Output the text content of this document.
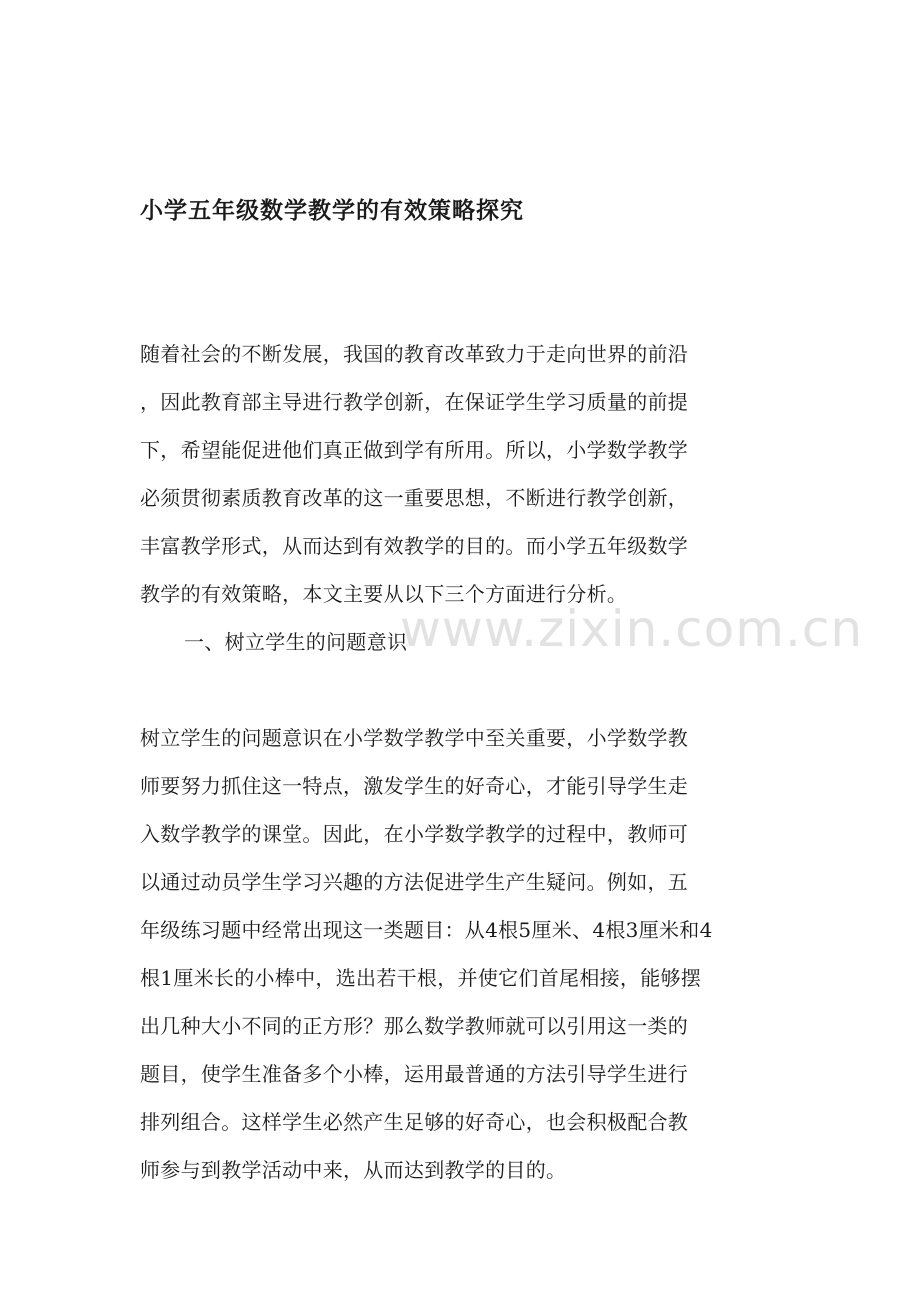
小学五年级数学教学的有效策略探究
随着社会的不断发展，我国的教育改革致力于走向世界的前沿
，因此教育部主导进行教学创新，在保证学生学习质量的前提
下，希望能促进他们真正做到学有所用。所以，小学数学教学
必须贯彻素质教育改革的这一重要思想，不断进行教学创新，
丰富教学形式，从而达到有效教学的目的。而小学五年级数学
教学的有效策略，本文主要从以下三个方面进行分析。
一、树立学生的问题意识
树立学生的问题意识在小学数学教学中至关重要，小学数学教
师要努力抓住这一特点，激发学生的好奇心，才能引导学生走
入数学教学的课堂。因此，在小学数学教学的过程中，教师可
以通过动员学生学习兴趣的方法促进学生产生疑问。例如，五
年级练习题中经常出现这一类题目：从4根5厘米、4根3厘米和4
根1厘米长的小棒中，选出若干根，并使它们首尾相接，能够摆
出几种大小不同的正方形？那么数学教师就可以引用这一类的
题目，使学生准备多个小棒，运用最普通的方法引导学生进行
排列组合。这样学生必然产生足够的好奇心，也会积极配合教
师参与到教学活动中来，从而达到教学的目的。
www.zixin.com.cn
